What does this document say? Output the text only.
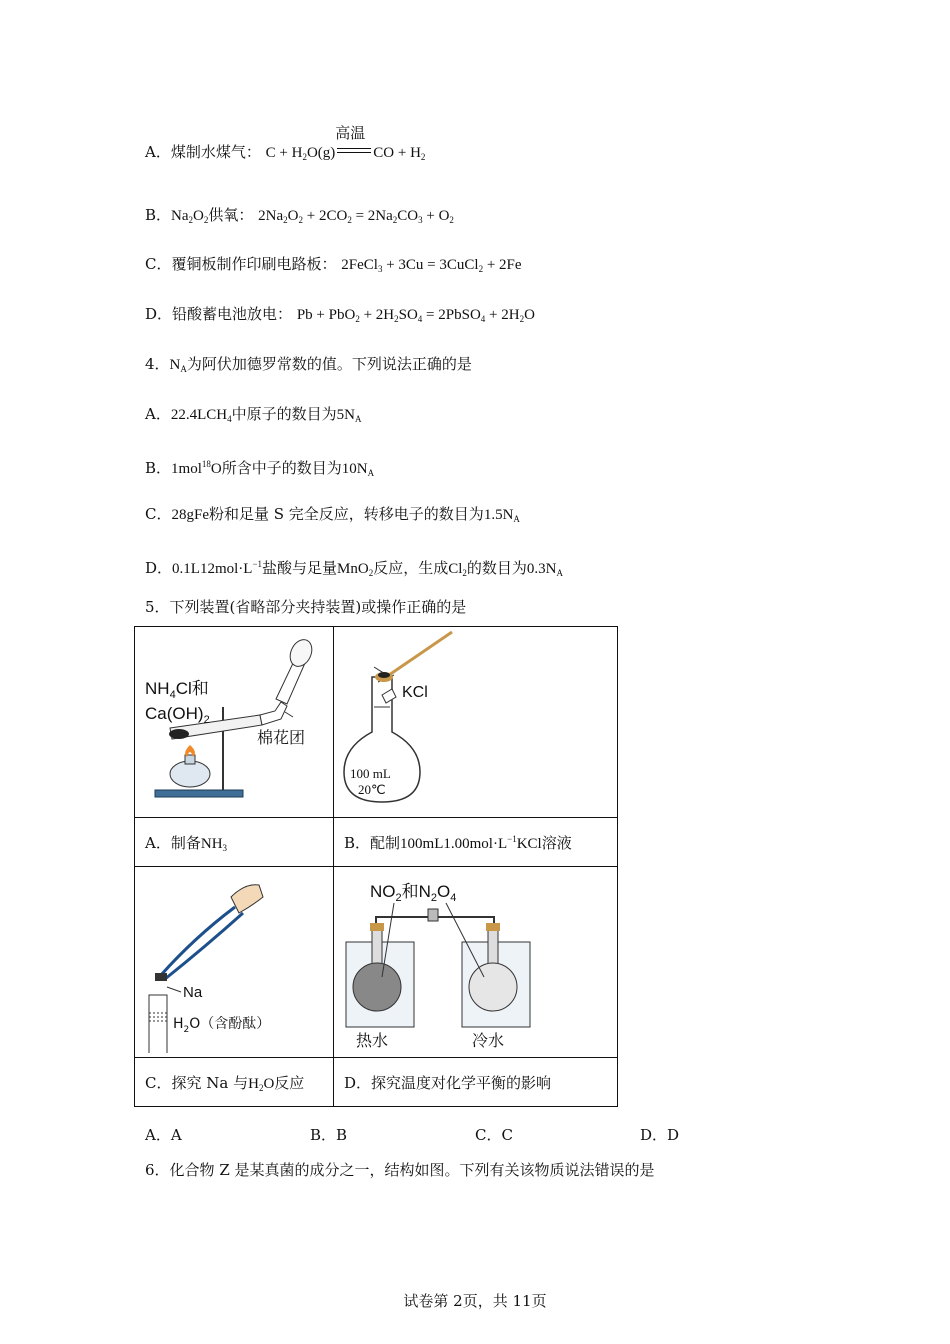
A．煤制水煤气： $C + H_2O(g)$
高温
CO + $H_2$
B．$Na_2O_2$供氧： $2Na_2O_2 + 2CO_2 = 2Na_2CO_3 + O_2$
C．覆铜板制作印刷电路板： 2FeCl$_3$ + 3Cu = 3CuCl$_2$ + 2Fe
D．铅酸蓄电池放电： $Pb + PbO_2 + 2H_2SO_4$ = 2PbSO$_4$ + $2H_2O$
4．$N_A$为阿伏加德罗常数的值。下列说法正确的是
A．$22.4LCH_4$中原子的数目为$5N_A$
B．1mol$^{18}$O所含中子的数目为$10N_A$
C．28gFe粉和足量 S 完全反应，转移电子的数目为$1.5N_A$
D．$0.1L12mol\cdot L^{-1}$盐酸与足量MnO$_2$反应，生成$Cl_2$的数目为$0.3N_A$
5．下列装置(省略部分夹持装置)或操作正确的是
$NH_4Cl$和
$Ca(OH)_2$
棉花团	KCl
100 mL
20℃

A．制备$NH_3$	B．配制$100mL1.00mol\cdot L^{-1}KCl$溶液

Na
$H_2O$（含酚酞）	$NO_2$和$N_2O_4$
热水 冷水

C．探究 Na 与$H_2O$反应	D．探究温度对化学平衡的影响
A．A	B．B	C．C	D．D
6．化合物 Z 是某真菌的成分之一，结构如图。下列有关该物质说法错误的是
试卷第 2页，共 11页
